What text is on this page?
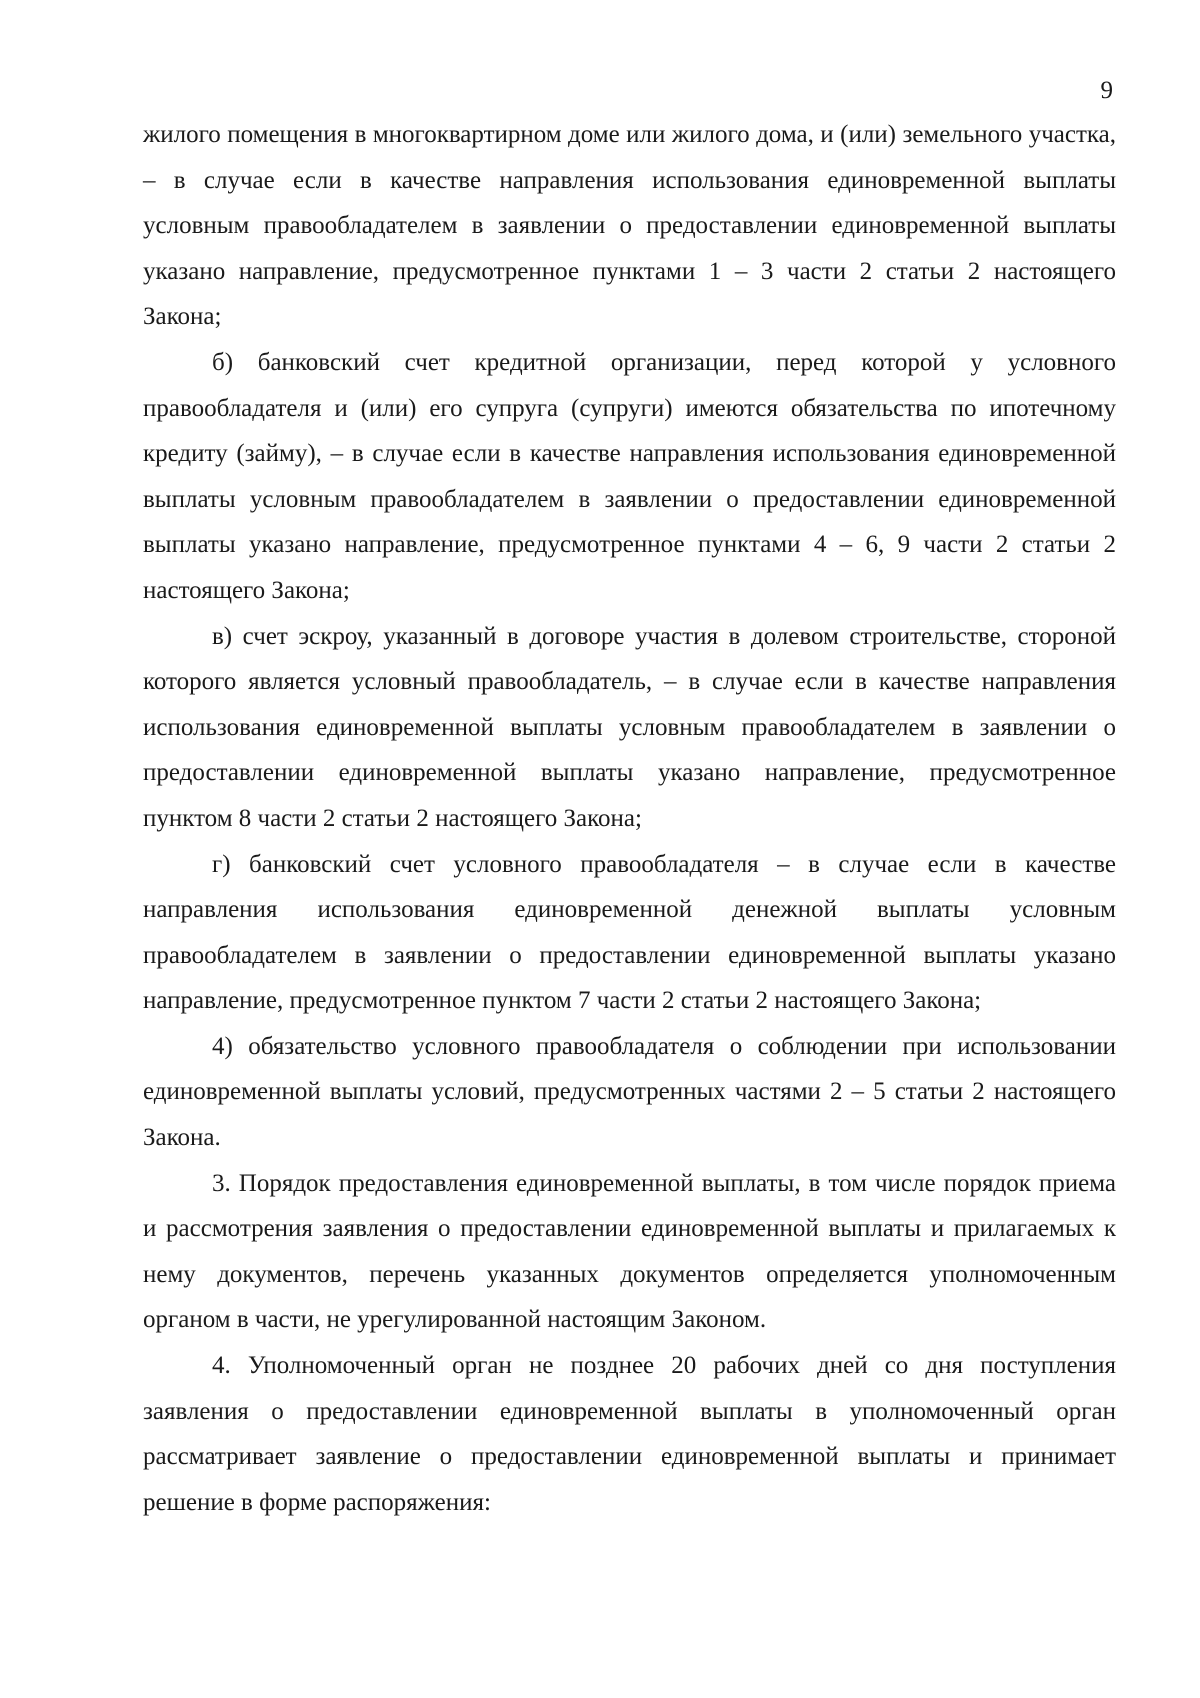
9

жилого помещения в многоквартирном доме или жилого дома, и (или) земельного участка, – в случае если в качестве направления использования единовременной выплаты условным правообладателем в заявлении о предоставлении единовременной выплаты указано направление, предусмотренное пунктами 1 – 3 части 2 статьи 2 настоящего Закона;

б) банковский счет кредитной организации, перед которой у условного правообладателя и (или) его супруга (супруги) имеются обязательства по ипотечному кредиту (займу), – в случае если в качестве направления использования единовременной выплаты условным правообладателем в заявлении о предоставлении единовременной выплаты указано направление, предусмотренное пунктами 4 – 6, 9 части 2 статьи 2 настоящего Закона;

в) счет эскроу, указанный в договоре участия в долевом строительстве, стороной которого является условный правообладатель, – в случае если в качестве направления использования единовременной выплаты условным правообладателем в заявлении о предоставлении единовременной выплаты указано направление, предусмотренное пунктом 8 части 2 статьи 2 настоящего Закона;

г) банковский счет условного правообладателя – в случае если в качестве направления использования единовременной денежной выплаты условным правообладателем в заявлении о предоставлении единовременной выплаты указано направление, предусмотренное пунктом 7 части 2 статьи 2 настоящего Закона;

4) обязательство условного правообладателя о соблюдении при использовании единовременной выплаты условий, предусмотренных частями 2 – 5 статьи 2 настоящего Закона.

3. Порядок предоставления единовременной выплаты, в том числе порядок приема и рассмотрения заявления о предоставлении единовременной выплаты и прилагаемых к нему документов, перечень указанных документов определяется уполномоченным органом в части, не урегулированной настоящим Законом.

4. Уполномоченный орган не позднее 20 рабочих дней со дня поступления заявления о предоставлении единовременной выплаты в уполномоченный орган рассматривает заявление о предоставлении единовременной выплаты и принимает решение в форме распоряжения:
